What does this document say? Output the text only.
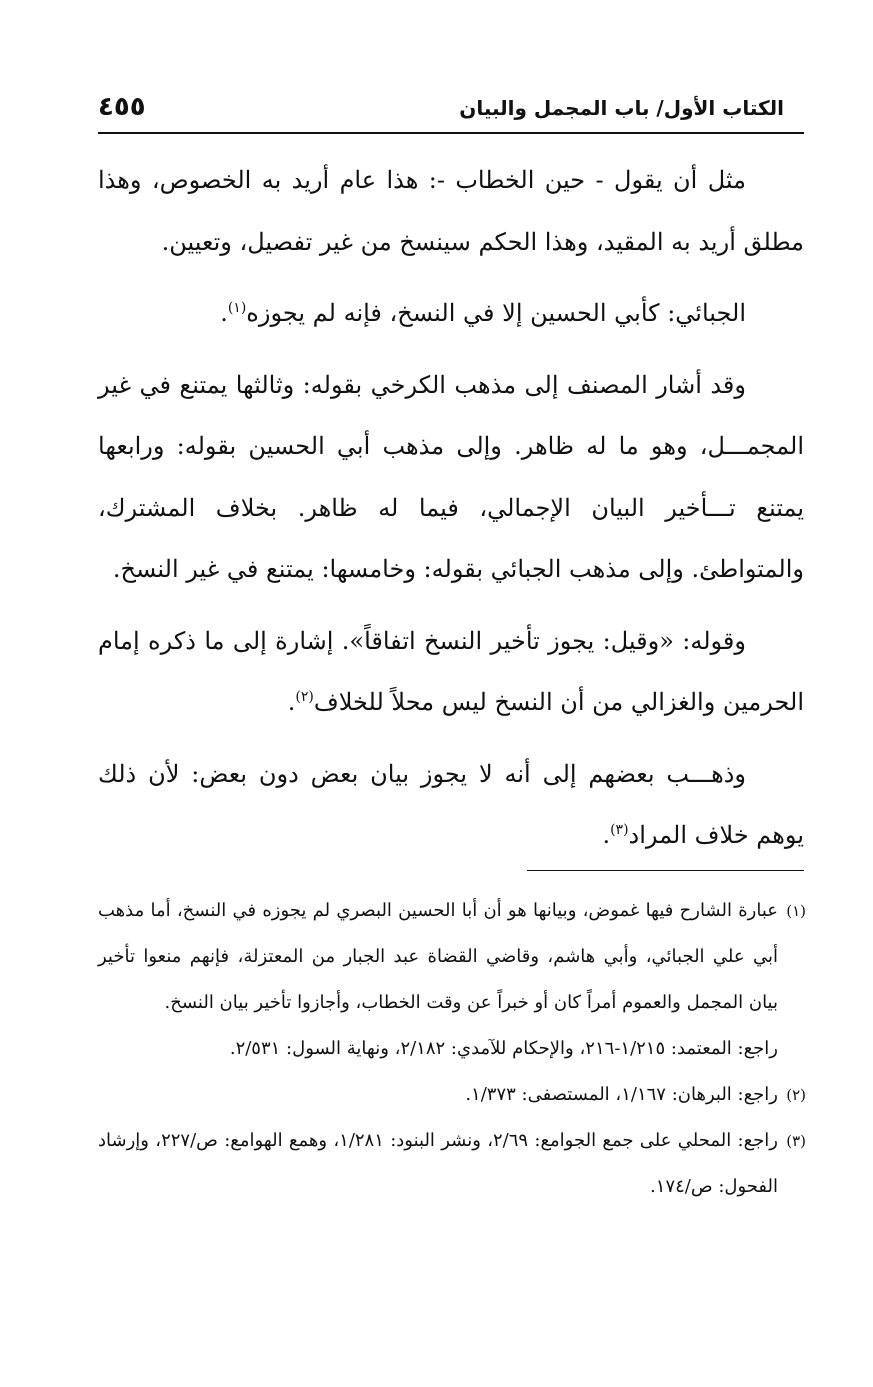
الكتاب الأول/ باب المجمل والبيان
٤٥٥

مثل أن يقول - حين الخطاب -: هذا عام أريد به الخصوص، وهذا مطلق أريد به المقيد، وهذا الحكم سينسخ من غير تفصيل، وتعيين.

الجبائي: كأبي الحسين إلا في النسخ، فإنه لم يجوزه$^{(١)}$.

وقد أشار المصنف إلى مذهب الكرخي بقوله: وثالثها يمتنع في غير المجمـــل، وهو ما له ظاهر. وإلى مذهب أبي الحسين بقوله: ورابعها يمتنع تـــأخير البيان الإجمالي، فيما له ظاهر. بخلاف المشترك، والمتواطئ. وإلى مذهب الجبائي بقوله: وخامسها: يمتنع في غير النسخ.

وقوله: «وقيل: يجوز تأخير النسخ اتفاقاً». إشارة إلى ما ذكره إمام الحرمين والغزالي من أن النسخ ليس محلاً للخلاف$^{(٢)}$.

وذهـــب بعضهم إلى أنه لا يجوز بيان بعض دون بعض: لأن ذلك يوهم خلاف المراد$^{(٣)}$.

(١)
عبارة الشارح فيها غموض، وبيانها هو أن أبا الحسين البصري لم يجوزه في النسخ، أما مذهب أبي علي الجبائي، وأبي هاشم، وقاضي القضاة عبد الجبار من المعتزلة، فإنهم منعوا تأخير بيان المجمل والعموم أمراً كان أو خبراً عن وقت الخطاب، وأجازوا تأخير بيان النسخ.
راجع: المعتمد: ١/٢١٥-٢١٦، والإحكام للآمدي: ٢/١٨٢، ونهاية السول: ٢/٥٣١.
(٢)
راجع: البرهان: ١/١٦٧، المستصفى: ١/٣٧٣.
(٣)
راجع: المحلي على جمع الجوامع: ٢/٦٩، ونشر البنود: ١/٢٨١، وهمع الهوامع: ص/٢٢٧، وإرشاد الفحول: ص/١٧٤.
